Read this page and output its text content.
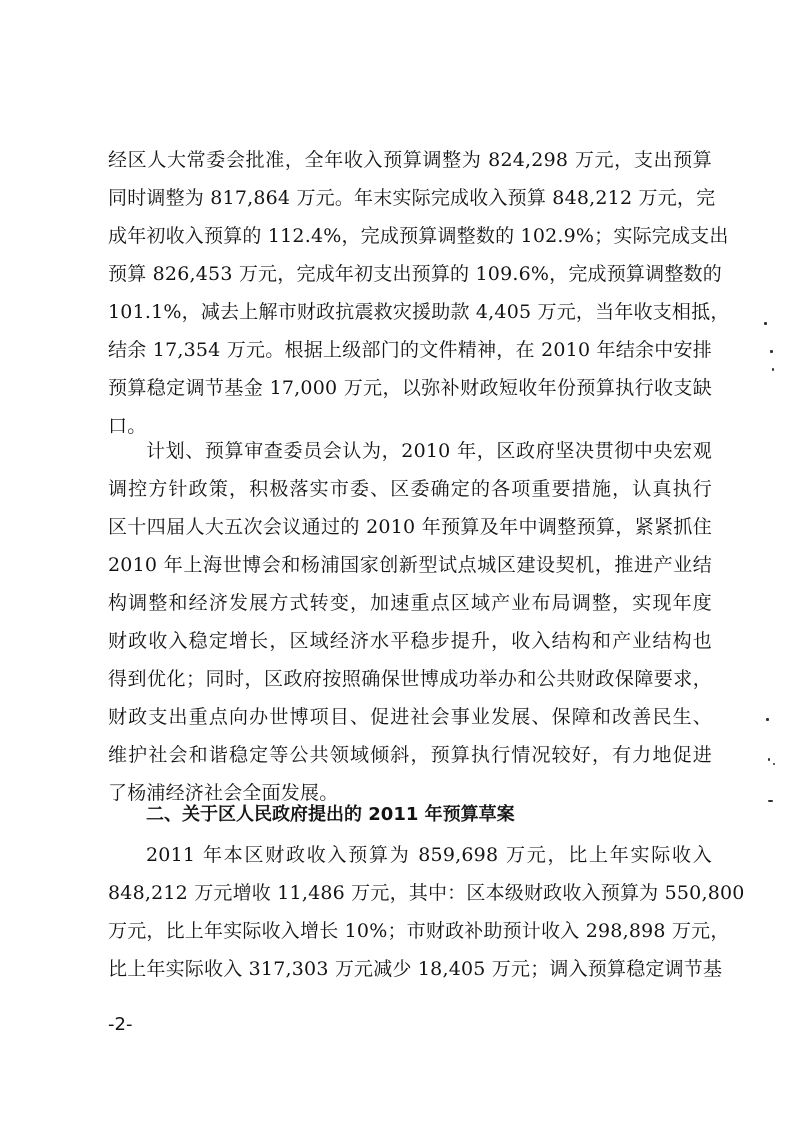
经区人大常委会批准，全年收入预算调整为 824,298 万元，支出预算
同时调整为 817,864 万元。年末实际完成收入预算 848,212 万元，完
成年初收入预算的 112.4%，完成预算调整数的 102.9%；实际完成支出
预算 826,453 万元，完成年初支出预算的 109.6%，完成预算调整数的
101.1%，减去上解市财政抗震救灾援助款 4,405 万元，当年收支相抵，
结余 17,354 万元。根据上级部门的文件精神，在 2010 年结余中安排
预算稳定调节基金 17,000 万元，以弥补财政短收年份预算执行收支缺
口。
计划、预算审查委员会认为，2010 年，区政府坚决贯彻中央宏观
调控方针政策，积极落实市委、区委确定的各项重要措施，认真执行
区十四届人大五次会议通过的 2010 年预算及年中调整预算，紧紧抓住
2010 年上海世博会和杨浦国家创新型试点城区建设契机，推进产业结
构调整和经济发展方式转变，加速重点区域产业布局调整，实现年度
财政收入稳定增长，区域经济水平稳步提升，收入结构和产业结构也
得到优化；同时，区政府按照确保世博成功举办和公共财政保障要求，
财政支出重点向办世博项目、促进社会事业发展、保障和改善民生、
维护社会和谐稳定等公共领域倾斜，预算执行情况较好，有力地促进
了杨浦经济社会全面发展。
二、关于区人民政府提出的 2011 年预算草案
2011 年本区财政收入预算为 859,698 万元，比上年实际收入
848,212 万元增收 11,486 万元，其中：区本级财政收入预算为 550,800
万元，比上年实际收入增长 10%；市财政补助预计收入 298,898 万元，
比上年实际收入 317,303 万元减少 18,405 万元；调入预算稳定调节基
-2-
